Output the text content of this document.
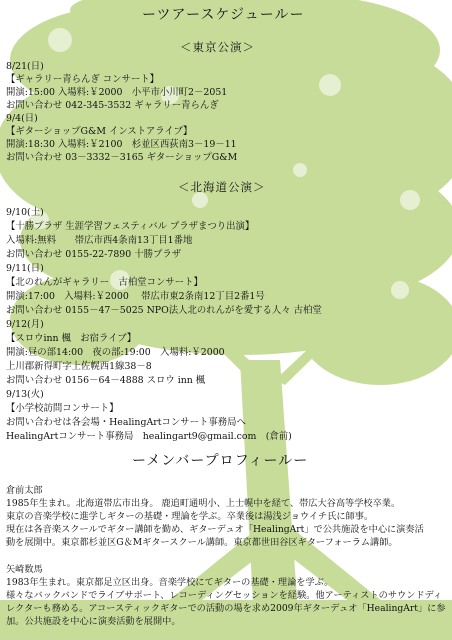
ーツアースケジュールー
＜東京公演＞
8/21(日)
【ギャラリー青らんぎ コンサート】
開演:15:00 入場料:￥2000　小平市小川町2－2051
お問い合わせ 042-345-3532 ギャラリー青らんぎ
9/4(日)
【ギターショップG&M インストアライブ】
開演:18:30 入場料:￥2100　杉並区西荻南3－19－11
お問い合わせ 03－3332－3165 ギターショップG&M
＜北海道公演＞
9/10(土)
【十勝プラザ 生涯学習フェスティバル プラザまつり出演】
入場料:無料　　帯広市西4条南13丁目1番地
お問い合わせ 0155-22-7890 十勝プラザ
9/11(日)
【北のれんがギャラリー　古柏堂コンサート】
開演:17:00　入場料:￥2000　 帯広市東2条南12丁目2番1号
お問い合わせ 0155－47－5025 NPO法人北のれんがを愛する人々 古柏堂
9/12(月)
【スロウinn 楓　お宿ライブ】
開演:昼の部14:00　夜の部:19:00　入場料:￥2000
上川郡新得町字上佐幌西1線38－8
お問い合わせ 0156－64－4888 スロウ inn 楓
9/13(火)
【小学校訪問コンサート】
お問い合わせは各会場・HealingArtコンサート事務局へ
HealingArtコンサート事務局　healingart9@gmail.com　(倉前)
ーメンバープロフィールー
倉前太郎
1985年生まれ。北海道帯広市出身。 鹿追町通明小、上士幌中を経て、帯広大谷高等学校卒業。
東京の音楽学校に進学しギターの基礎・理論を学ぶ。卒業後は湯浅ジョウイチ氏に師事。
現在は各音楽スクールでギター講師を勤め、ギターデュオ「HealingArt」で公共施設を中心に演奏活
動を展開中。東京都杉並区G＆Mギタースクール講師。東京都世田谷区ギターフォーラム講師。
矢崎数馬
1983年生まれ。東京都足立区出身。音楽学校にてギターの基礎・理論を学ぶ。
様々なバックバンドでライブサポート、レコーディングセッションを経験。他アーティストのサウンドディ
レクターも務める。アコースティックギターでの活動の場を求め2009年ギターデュオ「HealingArt」に参
加。公共施設を中心に演奏活動を展開中。
